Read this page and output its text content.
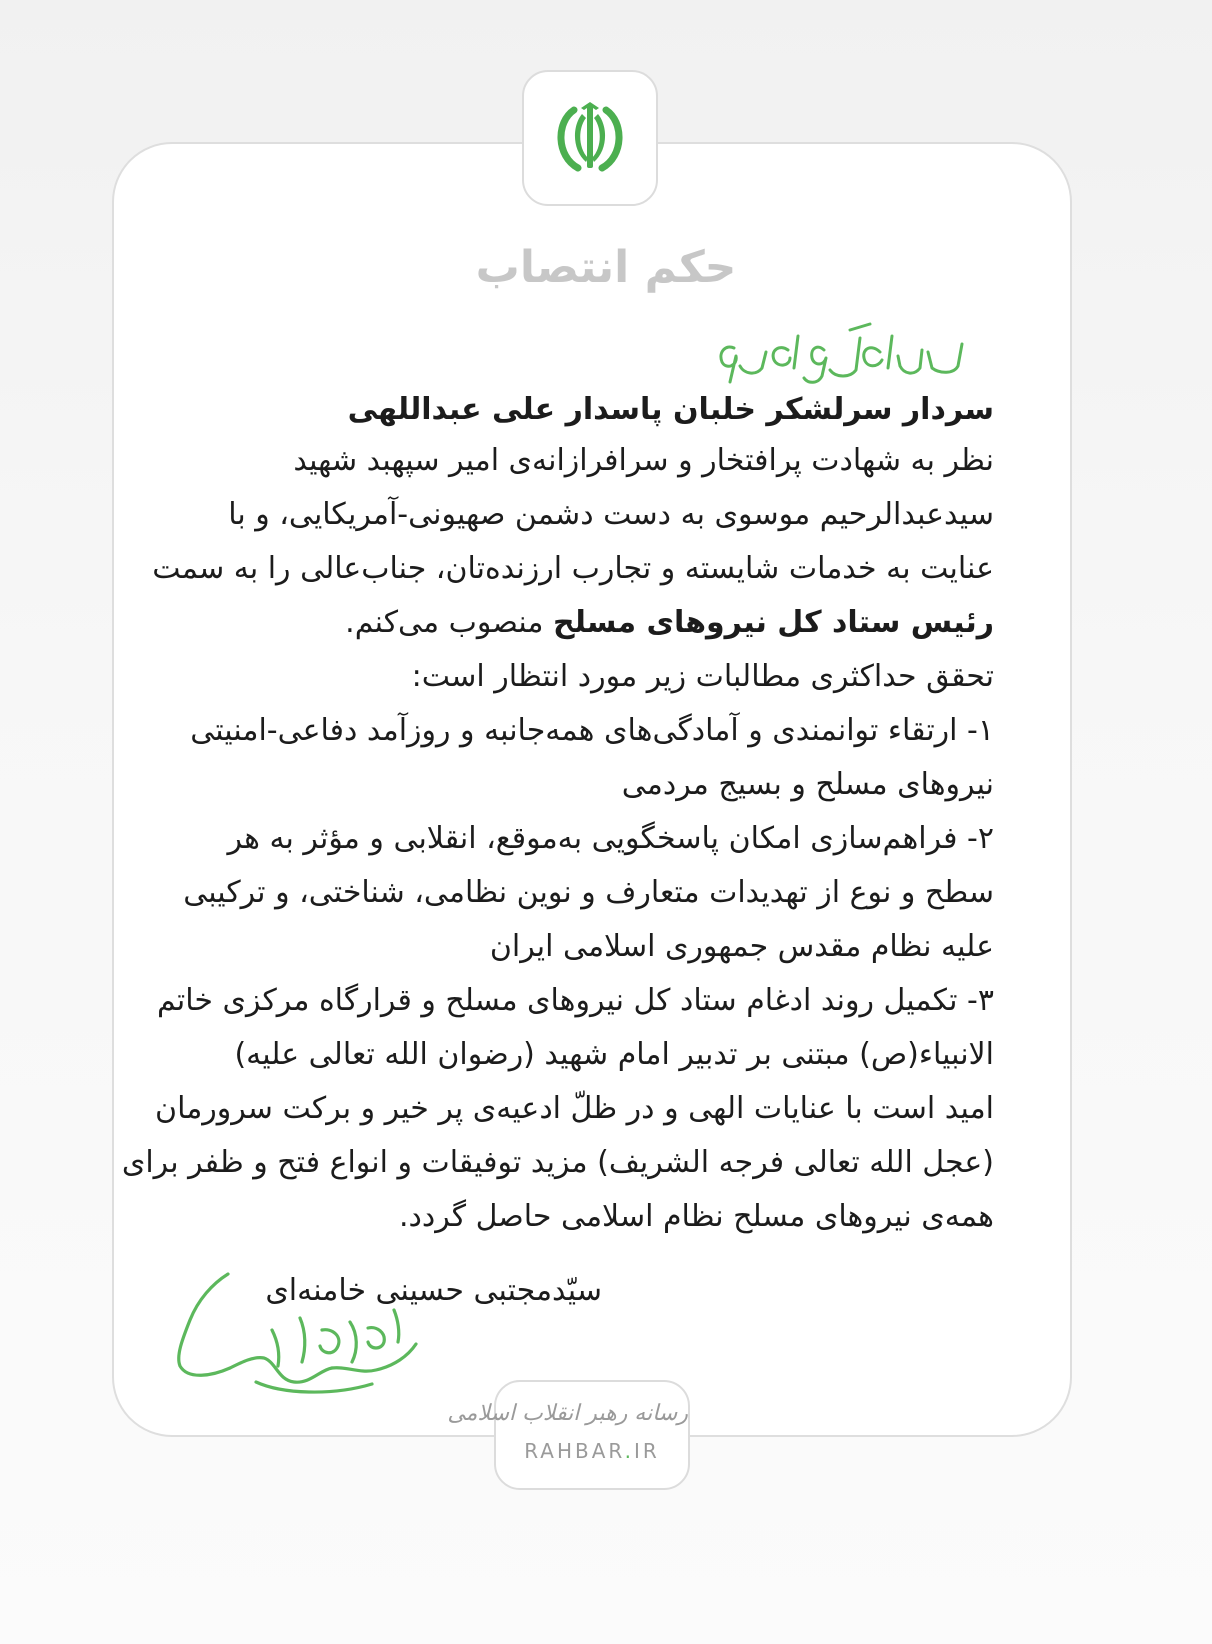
حکم انتصاب
سردار سرلشکر خلبان پاسدار علی عبداللهی
نظر به شهادت پرافتخار و سرافرازانه‌ی امیر سپهبد شهید
سیدعبدالرحیم موسوی به دست دشمن صهیونی-آمریکایی، و با
عنایت به خدمات شایسته و تجارب ارزنده‌تان، جناب‌عالی را به سمت
رئیس ستاد کل نیروهای مسلح منصوب می‌کنم.
تحقق حداکثری مطالبات زیر مورد انتظار است:
۱- ارتقاء توانمندی و آمادگی‌های همه‌جانبه و روزآمد دفاعی-امنیتی
نیروهای مسلح و بسیج مردمی
۲- فراهم‌سازی امکان پاسخگویی به‌موقع، انقلابی و مؤثر به هر
سطح و نوع از تهدیدات متعارف و نوین نظامی، شناختی، و ترکیبی
علیه نظام مقدس جمهوری اسلامی ایران
۳- تکمیل روند ادغام ستاد کل نیروهای مسلح و قرارگاه مرکزی خاتم
الانبیاء(ص) مبتنی بر تدبیر امام شهید (رضوان الله تعالی علیه)
امید است با عنایات الهی و در ظلّ ادعیه‌ی پر خیر و برکت سرورمان
(عجل الله تعالی فرجه الشریف) مزید توفیقات و انواع فتح و ظفر برای
همه‌ی نیروهای مسلح نظام اسلامی حاصل گردد.
سیّدمجتبی حسینی خامنه‌ای
رسانه رهبر انقلاب اسلامی
RAHBAR.IR
